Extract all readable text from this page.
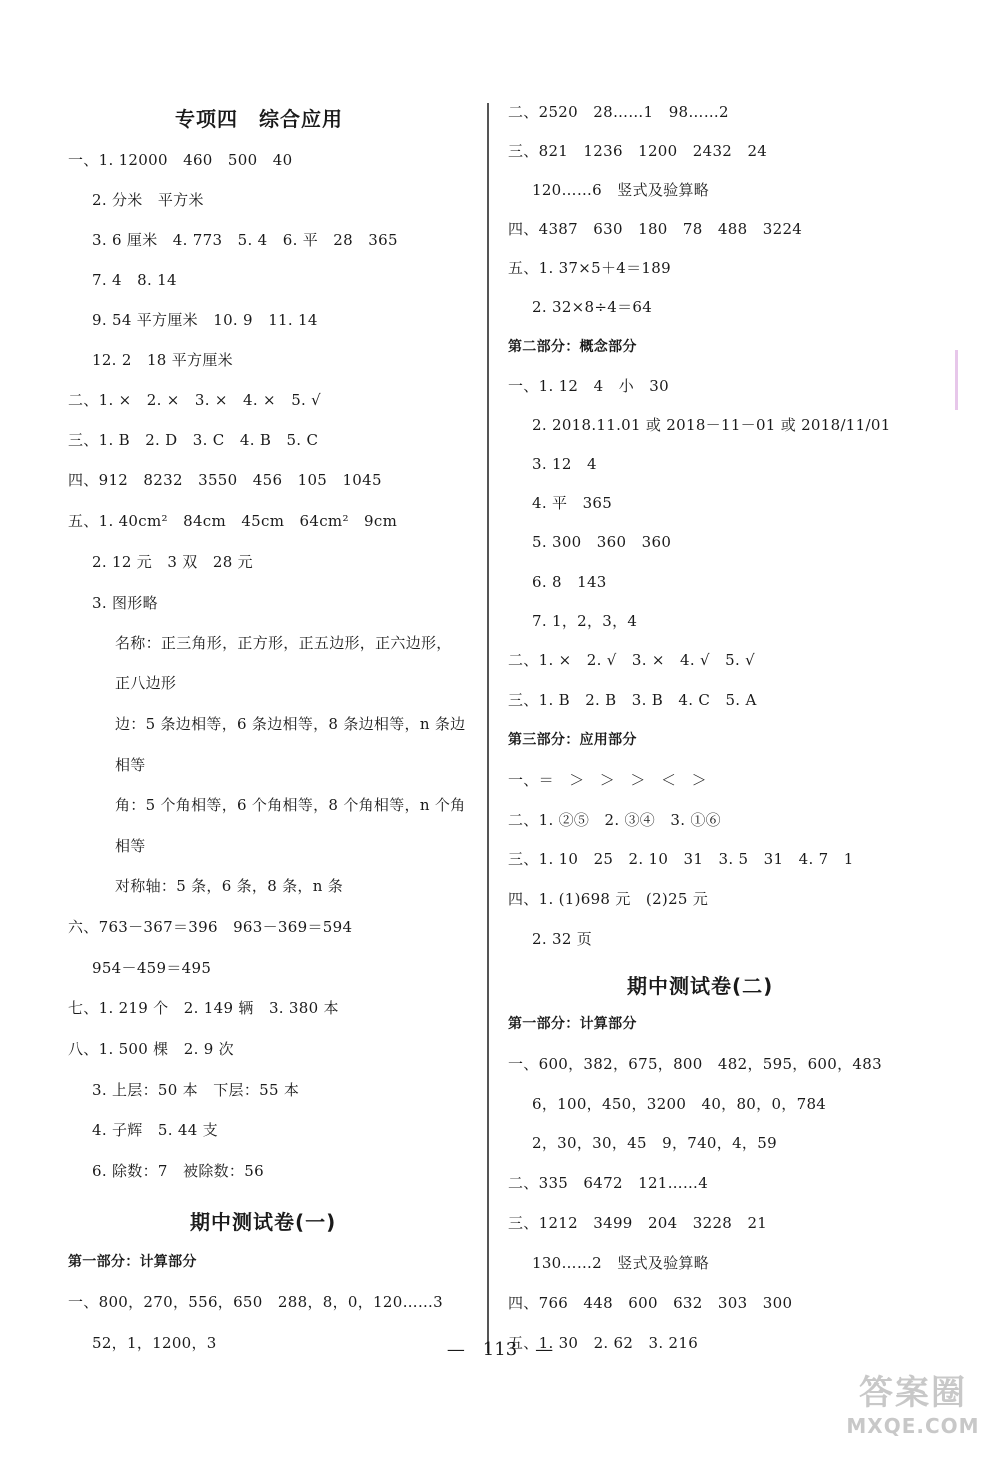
专项四　综合应用
一、1. 12000　460　500　40
2. 分米　平方米
3. 6 厘米　4. 773　5. 4　6. 平　28　365
7. 4　8. 14
9. 54 平方厘米　10. 9　11. 14
12. 2　18 平方厘米
二、1. ×　2. ×　3. ×　4. ×　5. √
三、1. B　2. D　3. C　4. B　5. C
四、912　8232　3550　456　105　1045
五、1. 40cm²　84cm　45cm　64cm²　9cm
2. 12 元　3 双　28 元
3. 图形略
名称：正三角形，正方形，正五边形，正六边形，
正八边形
边：5 条边相等，6 条边相等，8 条边相等，n 条边
相等
角：5 个角相等，6 个角相等，8 个角相等，n 个角
相等
对称轴：5 条，6 条，8 条，n 条
六、763－367＝396　963－369＝594
954－459＝495
七、1. 219 个　2. 149 辆　3. 380 本
八、1. 500 棵　2. 9 次
3. 上层：50 本　下层：55 本
4. 子辉　5. 44 支
6. 除数：7　被除数：56
期中测试卷(一)
第一部分：计算部分
一、800，270，556，650　288，8，0，120……3
52，1，1200，3
二、2520　28……1　98……2
三、821　1236　1200　2432　24
120……6　竖式及验算略
四、4387　630　180　78　488　3224
五、1. 37×5＋4＝189
2. 32×8÷4＝64
第二部分：概念部分
一、1. 12　4　小　30
2. 2018.11.01 或 2018－11－01 或 2018/11/01
3. 12　4
4. 平　365
5. 300　360　360
6. 8　143
7. 1，2，3，4
二、1. ×　2. √　3. ×　4. √　5. √
三、1. B　2. B　3. B　4. C　5. A
第三部分：应用部分
一、＝　＞　＞　＞　＜　＞
二、1. ②⑤　2. ③④　3. ①⑥
三、1. 10　25　2. 10　31　3. 5　31　4. 7　1
四、1. (1)698 元　(2)25 元
2. 32 页
期中测试卷(二)
第一部分：计算部分
一、600，382，675，800　482，595，600，483
6，100，450，3200　40，80，0，784
2，30，30，45　9，740，4，59
二、335　6472　121……4
三、1212　3499　204　3228　21
130……2　竖式及验算略
四、766　448　600　632　303　300
五、1. 30　2. 62　3. 216
—　113　—
答案圈
MXQE.COM
